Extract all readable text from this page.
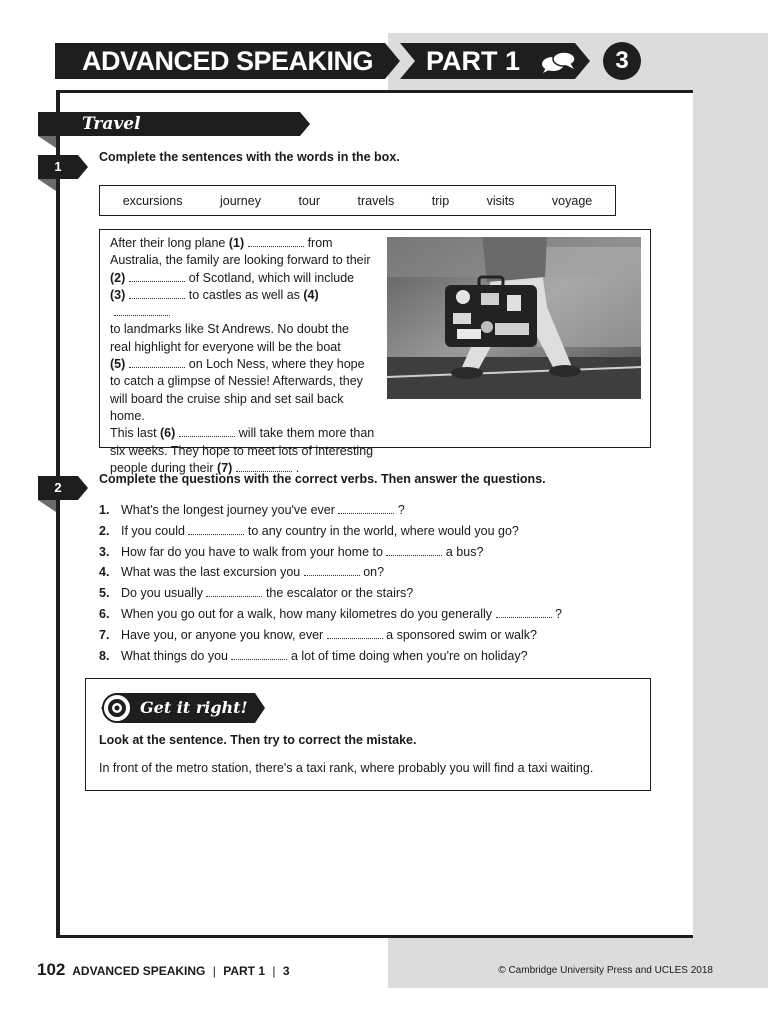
ADVANCED SPEAKING PART 1	3
Travel
1
Complete the sentences with the words in the box.
excursions	journey	tour	travels	trip	visits	voyage
After their long plane (1)	from
Australia, the family are looking forward to their
(2)	of Scotland, which will include
(3)	to castles as well as (4)
to landmarks like St Andrews. No doubt the
real highlight for everyone will be the boat
(5)	on Loch Ness, where they hope
to catch a glimpse of Nessie! Afterwards, they
will board the cruise ship and set sail back home.
This last (6)	will take them more than
six weeks. They hope to meet lots of interesting
people during their (7)	.
2
Complete the questions with the correct verbs. Then answer the questions.
1. What's the longest journey you've ever	?
2. If you could	to any country in the world, where would you go?
3. How far do you have to walk from your home to	a bus?
4. What was the last excursion you	on?
5. Do you usually	the escalator or the stairs?
6. When you go out for a walk, how many kilometres do you generally	?
7. Have you, or anyone you know, ever	a sponsored swim or walk?
8. What things do you	a lot of time doing when you're on holiday?
Get it right!
Look at the sentence. Then try to correct the mistake.
In front of the metro station, there's a taxi rank, where probably you will find a taxi waiting.
102 ADVANCED SPEAKING | PART 1 | 3	© Cambridge University Press and UCLES 2018
